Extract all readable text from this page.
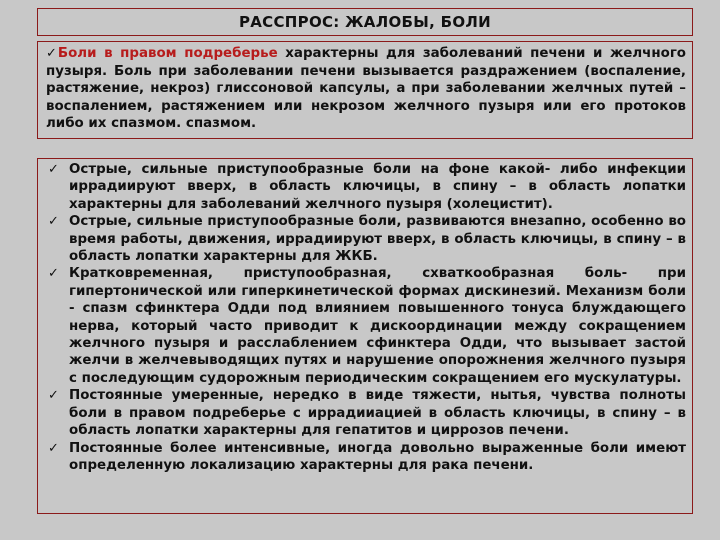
РАССПРОС: ЖАЛОБЫ, БОЛИ

✓Боли в правом подреберье характерны для заболеваний печени и желчного пузыря. Боль при заболевании печени вызывается раздражением (воспаление, растяжение, некроз) глиссоновой капсулы, а при заболевании желчных путей – воспалением, растяжением или некрозом желчного пузыря или его протоков либо их спазмом. спазмом.

✓ Острые, сильные приступообразные боли на фоне какой- либо инфекции иррадиируют вверх, в область ключицы, в спину – в область лопатки характерны для заболеваний желчного пузыря (холецистит).
✓ Острые, сильные приступообразные боли, развиваются внезапно, особенно во время работы, движения, иррадиируют вверх, в область ключицы, в спину – в область лопатки характерны для ЖКБ.
✓ Кратковременная, приступообразная, схваткообразная боль- при гипертонической или гиперкинетической формах дискинезий. Механизм боли - спазм сфинктера Одди под влиянием повышенного тонуса блуждающего нерва, который часто приводит к дискоординации между сокращением желчного пузыря и расслаблением сфинктера Одди, что вызывает застой желчи в желчевыводящих путях и нарушение опорожнения желчного пузыря с последующим судорожным периодическим сокращением его мускулатуры.
✓ Постоянные умеренные, нередко в виде тяжести, нытья, чувства полноты боли в правом подреберье с иррадииацией в область ключицы, в спину – в область лопатки характерны для гепатитов и циррозов печени.
✓ Постоянные более интенсивные, иногда довольно выраженные боли имеют определенную локализацию характерны для рака печени.
